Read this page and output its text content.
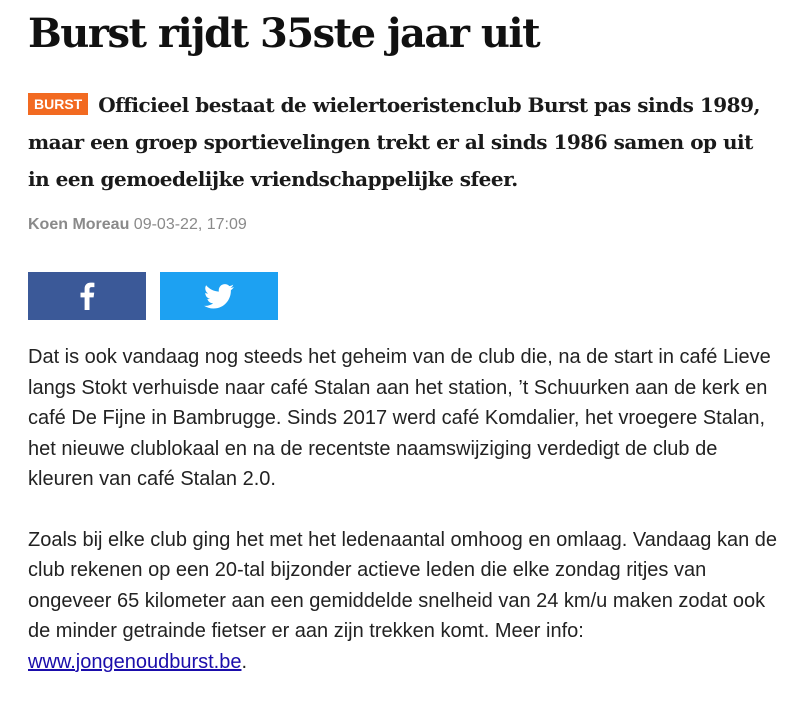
Burst rijdt 35ste jaar uit
BURST Officieel bestaat de wielertoeristenclub Burst pas sinds 1989, maar een groep sportievelingen trekt er al sinds 1986 samen op uit in een gemoedelijke vriendschappelijke sfeer.
Koen Moreau 09-03-22, 17:09

Dat is ook vandaag nog steeds het geheim van de club die, na de start in café Lieve langs Stokt verhuisde naar café Stalan aan het station, ’t Schuurken aan de kerk en café De Fijne in Bambrugge. Sinds 2017 werd café Komdalier, het vroegere Stalan, het nieuwe clublokaal en na de recentste naamswijziging verdedigt de club de kleuren van café Stalan 2.0.

Zoals bij elke club ging het met het ledenaantal omhoog en omlaag. Vandaag kan de club rekenen op een 20-tal bijzonder actieve leden die elke zondag ritjes van ongeveer 65 kilometer aan een gemiddelde snelheid van 24 km/u maken zodat ook de minder getrainde fietser er aan zijn trekken komt. Meer info: www.jongenoudburst.be.
